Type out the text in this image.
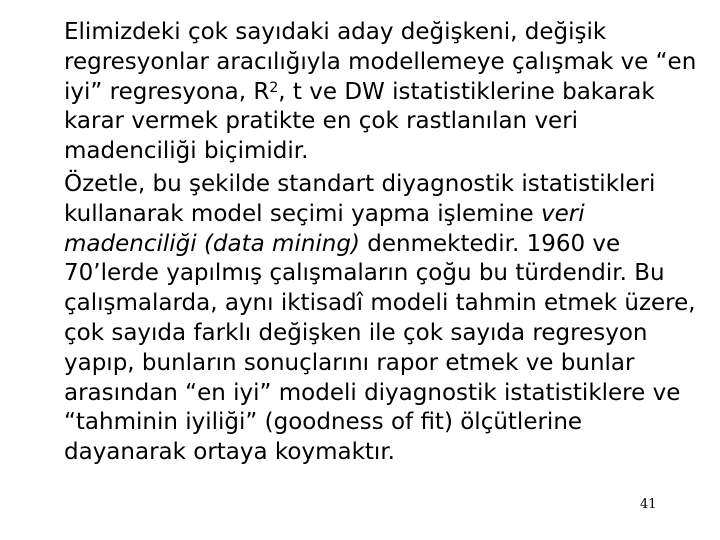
Elimizdeki çok sayıdaki aday değişkeni, değişik regresyonlar aracılığıyla modellemeye çalışmak ve “en iyi” regresyona, $R^2$, t ve DW istatistiklerine bakarak karar vermek pratikte en çok rastlanılan veri madenciliği biçimidir.

Özetle, bu şekilde standart diyagnostik istatistikleri kullanarak model seçimi yapma işlemine veri madenciliği (data mining) denmektedir. 1960 ve 70’lerde yapılmış çalışmaların çoğu bu türdendir. Bu çalışmalarda, aynı iktisadî modeli tahmin etmek üzere, çok sayıda farklı değişken ile çok sayıda regresyon yapıp, bunların sonuçlarını rapor etmek ve bunlar arasından “en iyi” modeli diyagnostik istatistiklere ve “tahminin iyiliği” (goodness of fit) ölçütlerine dayanarak ortaya koymaktır.

41
